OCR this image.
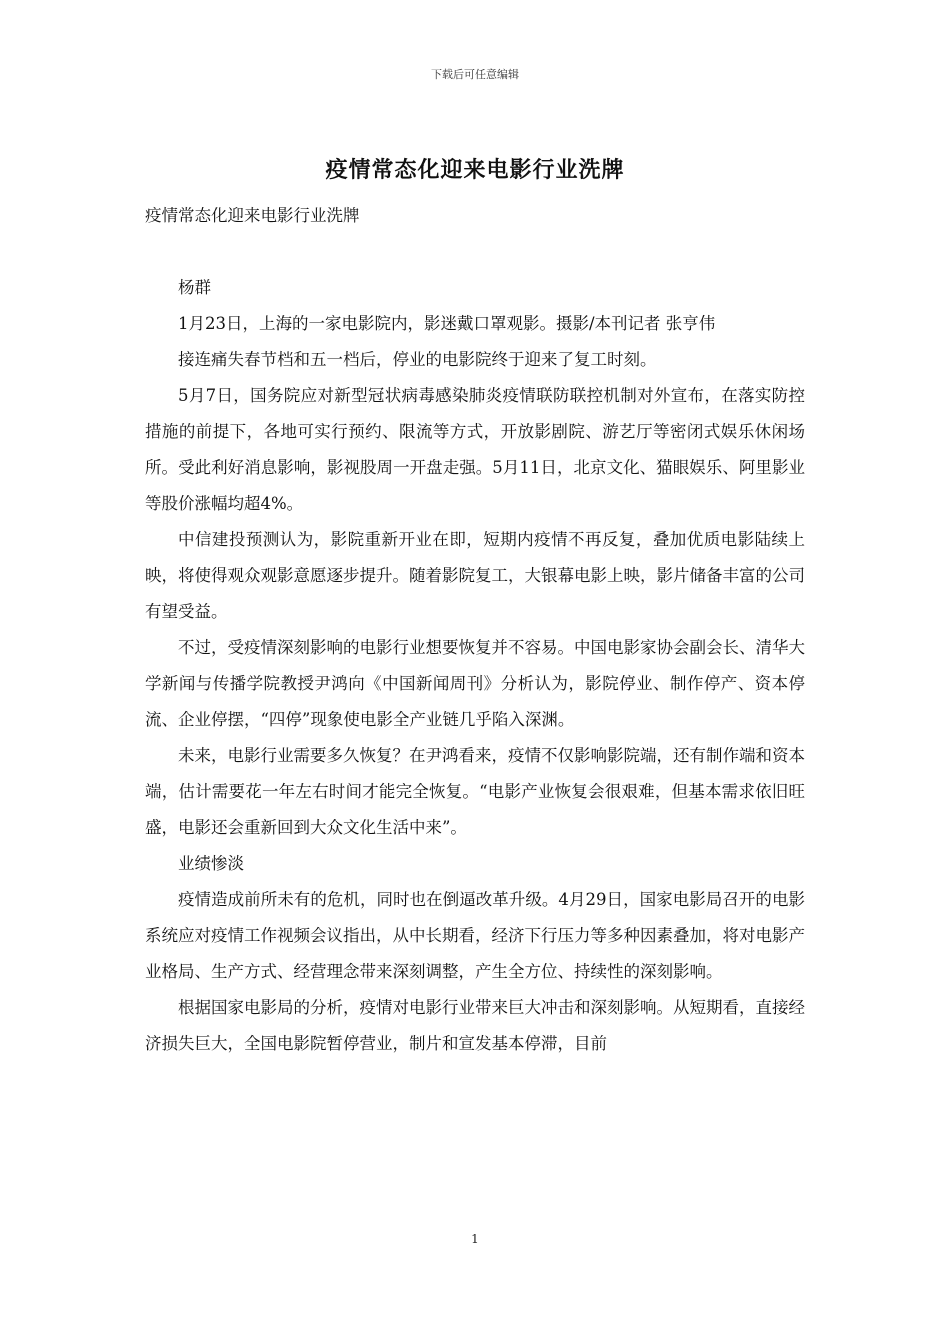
下载后可任意编辑
疫情常态化迎来电影行业洗牌

疫情常态化迎来电影行业洗牌

杨群

1月23日，上海的一家电影院内，影迷戴口罩观影。摄影/本刊记者 张亨伟

接连痛失春节档和五一档后，停业的电影院终于迎来了复工时刻。

5月7日，国务院应对新型冠状病毒感染肺炎疫情联防联控机制对外宣布，在落实防控措施的前提下，各地可实行预约、限流等方式，开放影剧院、游艺厅等密闭式娱乐休闲场所。受此利好消息影响，影视股周一开盘走强。5月11日，北京文化、猫眼娱乐、阿里影业等股价涨幅均超4%。

中信建投预测认为，影院重新开业在即，短期内疫情不再反复，叠加优质电影陆续上映，将使得观众观影意愿逐步提升。随着影院复工，大银幕电影上映，影片储备丰富的公司有望受益。

不过，受疫情深刻影响的电影行业想要恢复并不容易。中国电影家协会副会长、清华大学新闻与传播学院教授尹鸿向《中国新闻周刊》分析认为，影院停业、制作停产、资本停流、企业停摆，“四停”现象使电影全产业链几乎陷入深渊。

未来，电影行业需要多久恢复？在尹鸿看来，疫情不仅影响影院端，还有制作端和资本端，估计需要花一年左右时间才能完全恢复。“电影产业恢复会很艰难，但基本需求依旧旺盛，电影还会重新回到大众文化生活中来”。

业绩惨淡

疫情造成前所未有的危机，同时也在倒逼改革升级。4月29日，国家电影局召开的电影系统应对疫情工作视频会议指出，从中长期看，经济下行压力等多种因素叠加，将对电影产业格局、生产方式、经营理念带来深刻调整，产生全方位、持续性的深刻影响。

根据国家电影局的分析，疫情对电影行业带来巨大冲击和深刻影响。从短期看，直接经济损失巨大，全国电影院暂停营业，制片和宣发基本停滞，目前

1
